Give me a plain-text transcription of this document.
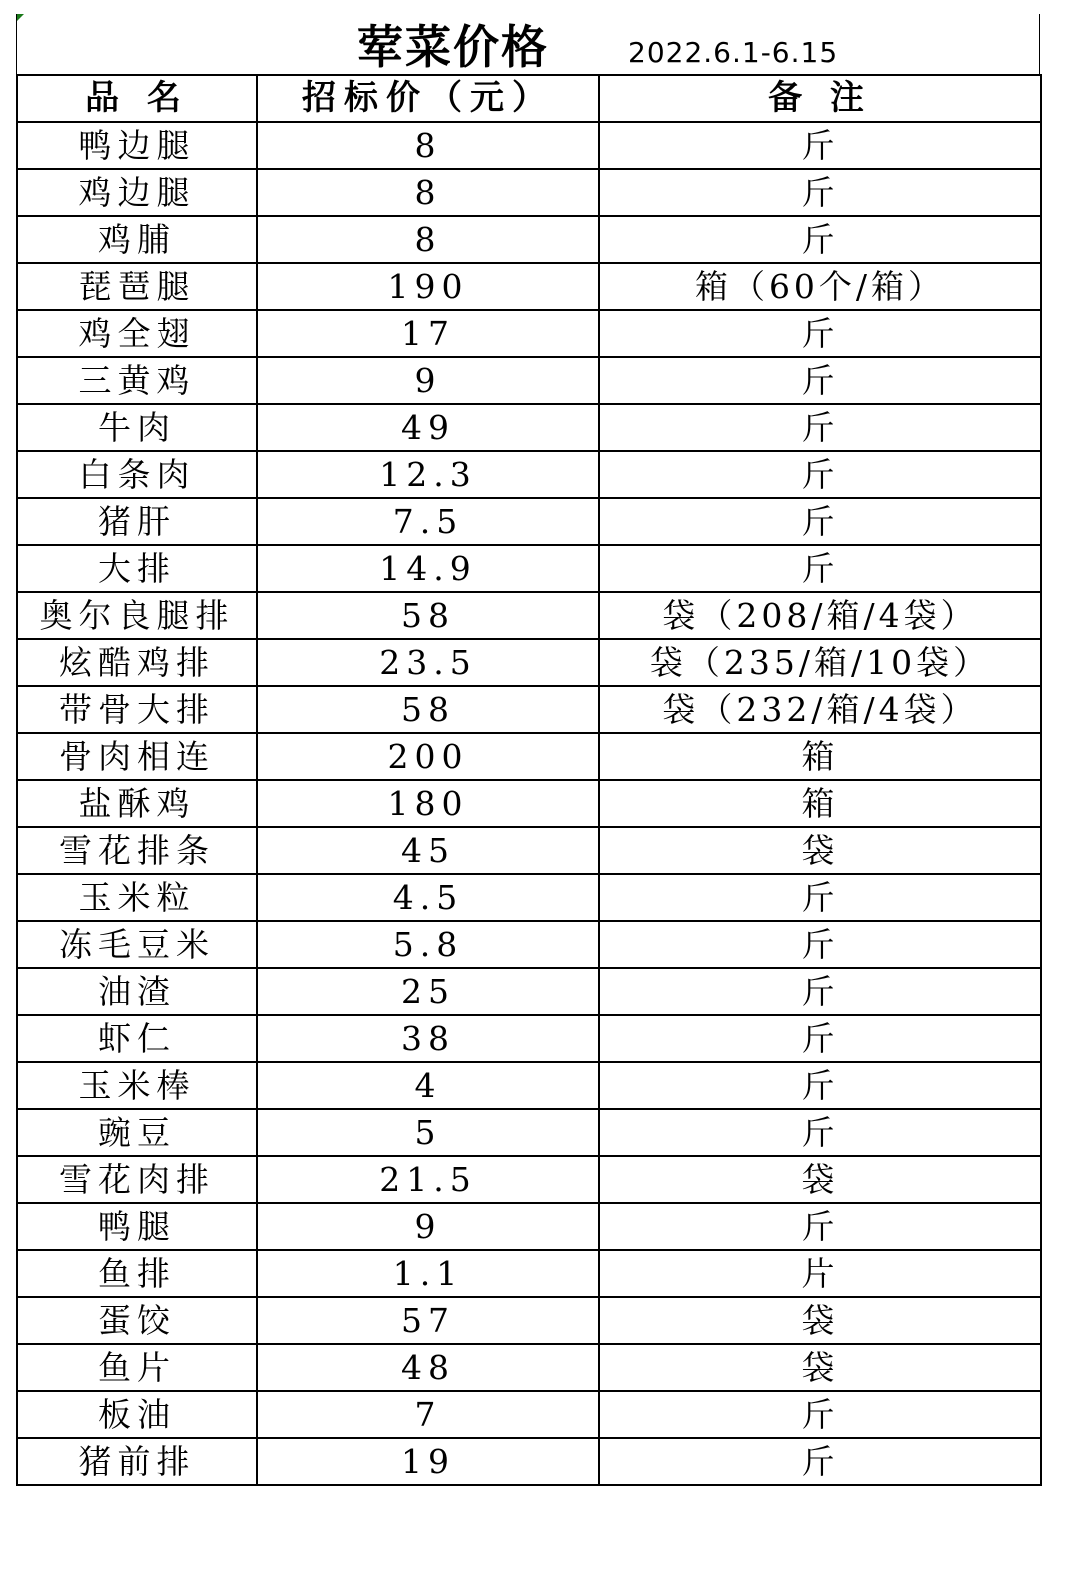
荤菜价格	2022.6.1-6.15
品 名	招标价（元）	备 注
鸭边腿	8	斤
鸡边腿	8	斤
鸡脯	8	斤
琵琶腿	190	箱（60个/箱）
鸡全翅	17	斤
三黄鸡	9	斤
牛肉	49	斤
白条肉	12.3	斤
猪肝	7.5	斤
大排	14.9	斤
奥尔良腿排	58	袋（208/箱/4袋）
炫酷鸡排	23.5	袋（235/箱/10袋）
带骨大排	58	袋（232/箱/4袋）
骨肉相连	200	箱
盐酥鸡	180	箱
雪花排条	45	袋
玉米粒	4.5	斤
冻毛豆米	5.8	斤
油渣	25	斤
虾仁	38	斤
玉米棒	4	斤
豌豆	5	斤
雪花肉排	21.5	袋
鸭腿	9	斤
鱼排	1.1	片
蛋饺	57	袋
鱼片	48	袋
板油	7	斤
猪前排	19	斤
